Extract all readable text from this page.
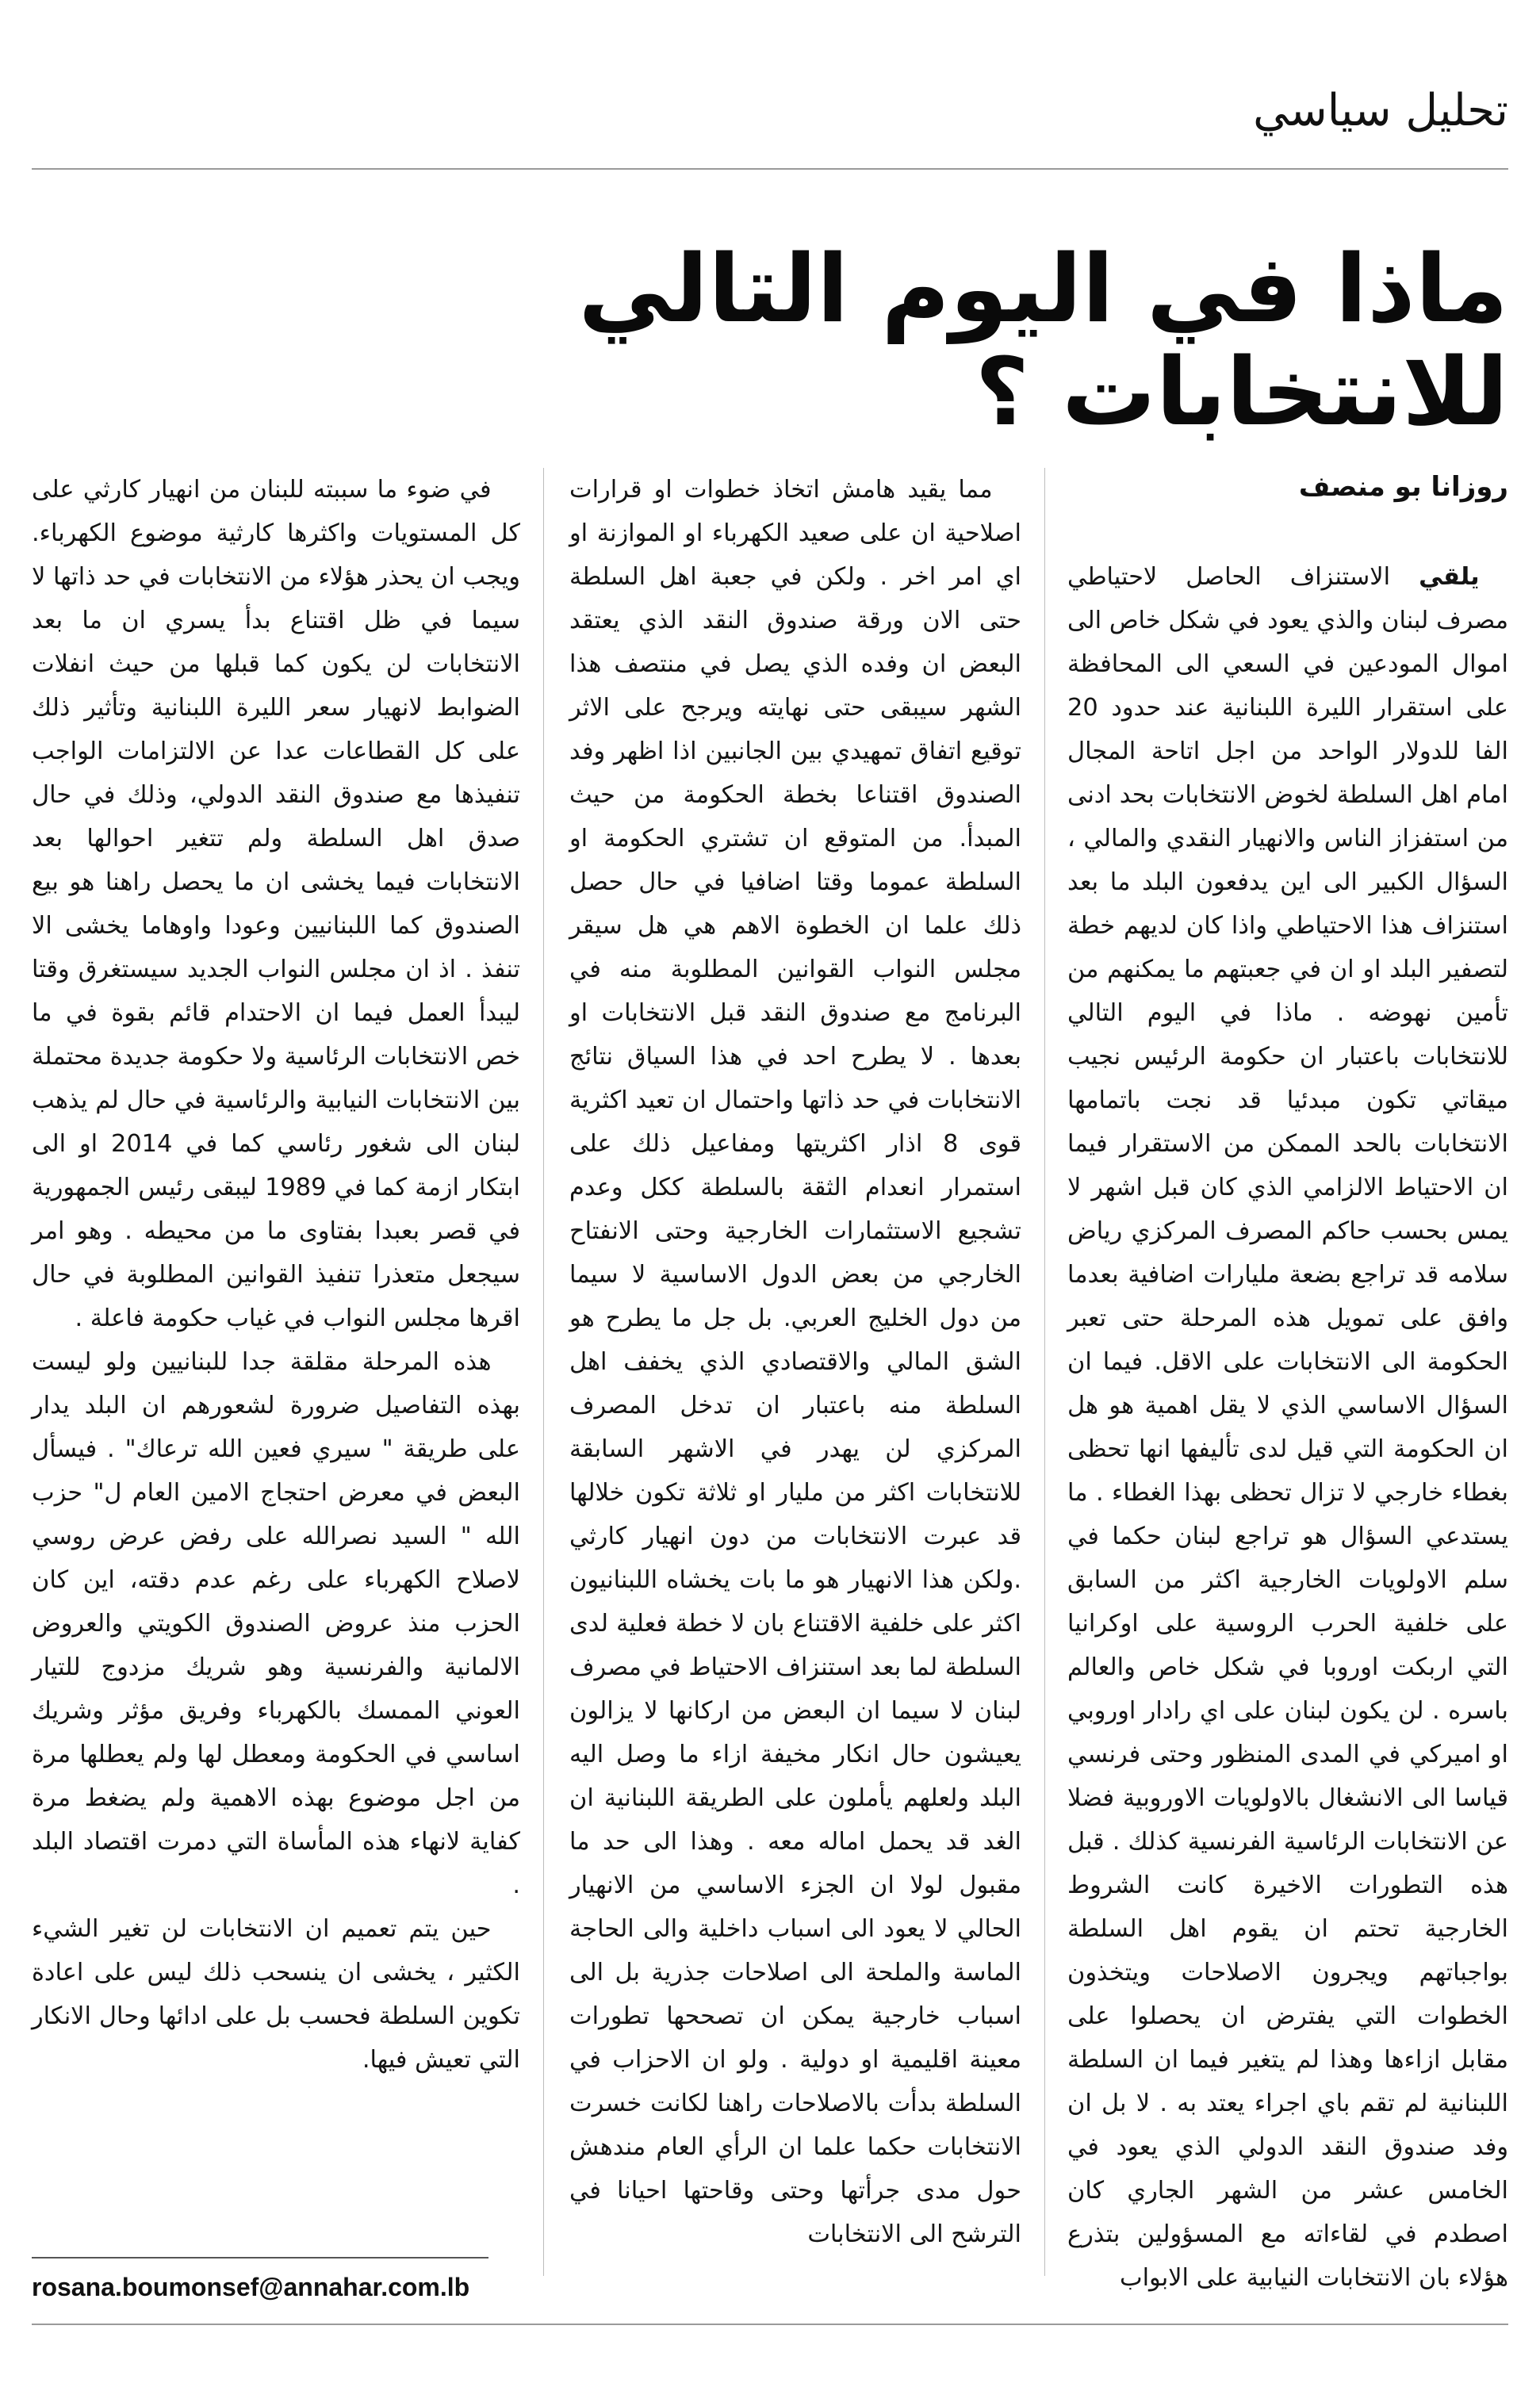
تحليل سياسي
ماذا في اليوم التالي للانتخابات ؟
روزانا بو منصف

يلقي الاستنزاف الحاصل لاحتياطي مصرف لبنان والذي يعود في شكل خاص الى اموال المودعين في السعي الى المحافظة على استقرار الليرة اللبنانية عند حدود 20 الفا للدولار الواحد من اجل اتاحة المجال امام اهل السلطة لخوض الانتخابات بحد ادنى من استفزاز الناس والانهيار النقدي والمالي ، السؤال الكبير الى اين يدفعون البلد ما بعد استنزاف هذا الاحتياطي واذا كان لديهم خطة لتصفير البلد او ان في جعبتهم ما يمكنهم من تأمين نهوضه . ماذا في اليوم التالي للانتخابات باعتبار ان حكومة الرئيس نجيب ميقاتي تكون مبدئيا قد نجت باتمامها الانتخابات بالحد الممكن من الاستقرار فيما ان الاحتياط الالزامي الذي كان قبل اشهر لا يمس بحسب حاكم المصرف المركزي رياض سلامه قد تراجع بضعة مليارات اضافية بعدما وافق على تمويل هذه المرحلة حتى تعبر الحكومة الى الانتخابات على الاقل. فيما ان السؤال الاساسي الذي لا يقل اهمية هو هل ان الحكومة التي قيل لدى تأليفها انها تحظى بغطاء خارجي لا تزال تحظى بهذا الغطاء . ما يستدعي السؤال هو تراجع لبنان حكما في سلم الاولويات الخارجية اكثر من السابق على خلفية الحرب الروسية على اوكرانيا التي اربكت اوروبا في شكل خاص والعالم باسره . لن يكون لبنان على اي رادار اوروبي او اميركي في المدى المنظور وحتى فرنسي قياسا الى الانشغال بالاولويات الاوروبية فضلا عن الانتخابات الرئاسية الفرنسية كذلك . قبل هذه التطورات الاخيرة كانت الشروط الخارجية تحتم ان يقوم اهل السلطة بواجباتهم ويجرون الاصلاحات ويتخذون الخطوات التي يفترض ان يحصلوا على مقابل ازاءها وهذا لم يتغير فيما ان السلطة اللبنانية لم تقم باي اجراء يعتد به . لا بل ان وفد صندوق النقد الدولي الذي يعود في الخامس عشر من الشهر الجاري كان اصطدم في لقاءاته مع المسؤولين بتذرع هؤلاء بان الانتخابات النيابية على الابواب

مما يقيد هامش اتخاذ خطوات او قرارات اصلاحية ان على صعيد الكهرباء او الموازنة او اي امر اخر . ولكن في جعبة اهل السلطة حتى الان ورقة صندوق النقد الذي يعتقد البعض ان وفده الذي يصل في منتصف هذا الشهر سيبقى حتى نهايته ويرجح على الاثر توقيع اتفاق تمهيدي بين الجانبين اذا اظهر وفد الصندوق اقتناعا بخطة الحكومة من حيث المبدأ. من المتوقع ان تشتري الحكومة او السلطة عموما وقتا اضافيا في حال حصل ذلك علما ان الخطوة الاهم هي هل سيقر مجلس النواب القوانين المطلوبة منه في البرنامج مع صندوق النقد قبل الانتخابات او بعدها . لا يطرح احد في هذا السياق نتائج الانتخابات في حد ذاتها واحتمال ان تعيد اكثرية قوى 8 اذار اكثريتها ومفاعيل ذلك على استمرار انعدام الثقة بالسلطة ككل وعدم تشجيع الاستثمارات الخارجية وحتى الانفتاح الخارجي من بعض الدول الاساسية لا سيما من دول الخليج العربي. بل جل ما يطرح هو الشق المالي والاقتصادي الذي يخفف اهل السلطة منه باعتبار ان تدخل المصرف المركزي لن يهدر في الاشهر السابقة للانتخابات اكثر من مليار او ثلاثة تكون خلالها قد عبرت الانتخابات من دون انهيار كارثي .ولكن هذا الانهيار هو ما بات يخشاه اللبنانيون اكثر على خلفية الاقتناع بان لا خطة فعلية لدى السلطة لما بعد استنزاف الاحتياط في مصرف لبنان لا سيما ان البعض من اركانها لا يزالون يعيشون حال انكار مخيفة ازاء ما وصل اليه البلد ولعلهم يأملون على الطريقة اللبنانية ان الغد قد يحمل اماله معه . وهذا الى حد ما مقبول لولا ان الجزء الاساسي من الانهيار الحالي لا يعود الى اسباب داخلية والى الحاجة الماسة والملحة الى اصلاحات جذرية بل الى اسباب خارجية يمكن ان تصححها تطورات معينة اقليمية او دولية . ولو ان الاحزاب في السلطة بدأت بالاصلاحات راهنا لكانت خسرت الانتخابات حكما علما ان الرأي العام مندهش حول مدى جرأتها وحتى وقاحتها احيانا في الترشح الى الانتخابات

في ضوء ما سببته للبنان من انهيار كارثي على كل المستويات واكثرها كارثية موضوع الكهرباء. ويجب ان يحذر هؤلاء من الانتخابات في حد ذاتها لا سيما في ظل اقتناع بدأ يسري ان ما بعد الانتخابات لن يكون كما قبلها من حيث انفلات الضوابط لانهيار سعر الليرة اللبنانية وتأثير ذلك على كل القطاعات عدا عن الالتزامات الواجب تنفيذها مع صندوق النقد الدولي، وذلك في حال صدق اهل السلطة ولم تتغير احوالها بعد الانتخابات فيما يخشى ان ما يحصل راهنا هو بيع الصندوق كما اللبنانيين وعودا واوهاما يخشى الا تنفذ . اذ ان مجلس النواب الجديد سيستغرق وقتا ليبدأ العمل فيما ان الاحتدام قائم بقوة في ما خص الانتخابات الرئاسية ولا حكومة جديدة محتملة بين الانتخابات النيابية والرئاسية في حال لم يذهب لبنان الى شغور رئاسي كما في 2014 او الى ابتكار ازمة كما في 1989 ليبقى رئيس الجمهورية في قصر بعبدا بفتاوى ما من محيطه . وهو امر سيجعل متعذرا تنفيذ القوانين المطلوبة في حال اقرها مجلس النواب في غياب حكومة فاعلة .

هذه المرحلة مقلقة جدا للبنانيين ولو ليست بهذه التفاصيل ضرورة لشعورهم ان البلد يدار على طريقة " سيري فعين الله ترعاك" . فيسأل البعض في معرض احتجاج الامين العام ل" حزب الله " السيد نصرالله على رفض عرض روسي لاصلاح الكهرباء على رغم عدم دقته، اين كان الحزب منذ عروض الصندوق الكويتي والعروض الالمانية والفرنسية وهو شريك مزدوج للتيار العوني الممسك بالكهرباء وفريق مؤثر وشريك اساسي في الحكومة ومعطل لها ولم يعطلها مرة من اجل موضوع بهذه الاهمية ولم يضغط مرة كفاية لانهاء هذه المأساة التي دمرت اقتصاد البلد .

حين يتم تعميم ان الانتخابات لن تغير الشيء الكثير ، يخشى ان ينسحب ذلك ليس على اعادة تكوين السلطة فحسب بل على ادائها وحال الانكار التي تعيش فيها.

rosana.boumonsef@annahar.com.lb
